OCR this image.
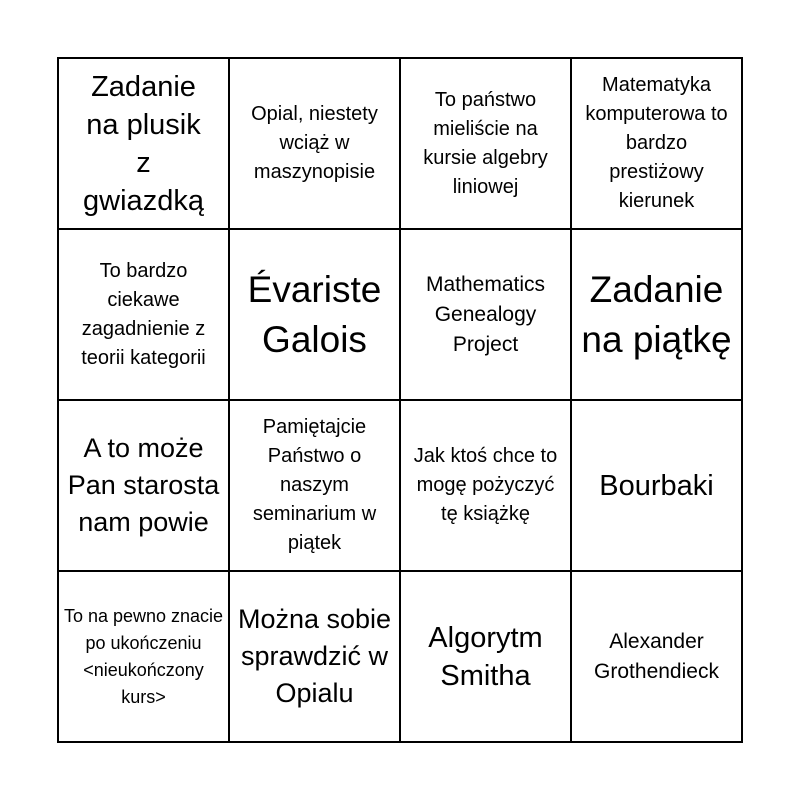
Zadanie na plusik z gwiazdką
Opial, niestety wciąż w maszynopisie
To państwo mieliście na kursie algebry liniowej
Matematyka komputerowa to bardzo prestiżowy kierunek
To bardzo ciekawe zagadnienie z teorii kategorii
Évariste Galois
Mathematics Genealogy Project
Zadanie na piątkę
A to może Pan starosta nam powie
Pamiętajcie Państwo o naszym seminarium w piątek
Jak ktoś chce to mogę pożyczyć tę książkę
Bourbaki
To na pewno znacie po ukończeniu <nieukończony kurs>
Można sobie sprawdzić w Opialu
Algorytm Smitha
Alexander Grothendieck
